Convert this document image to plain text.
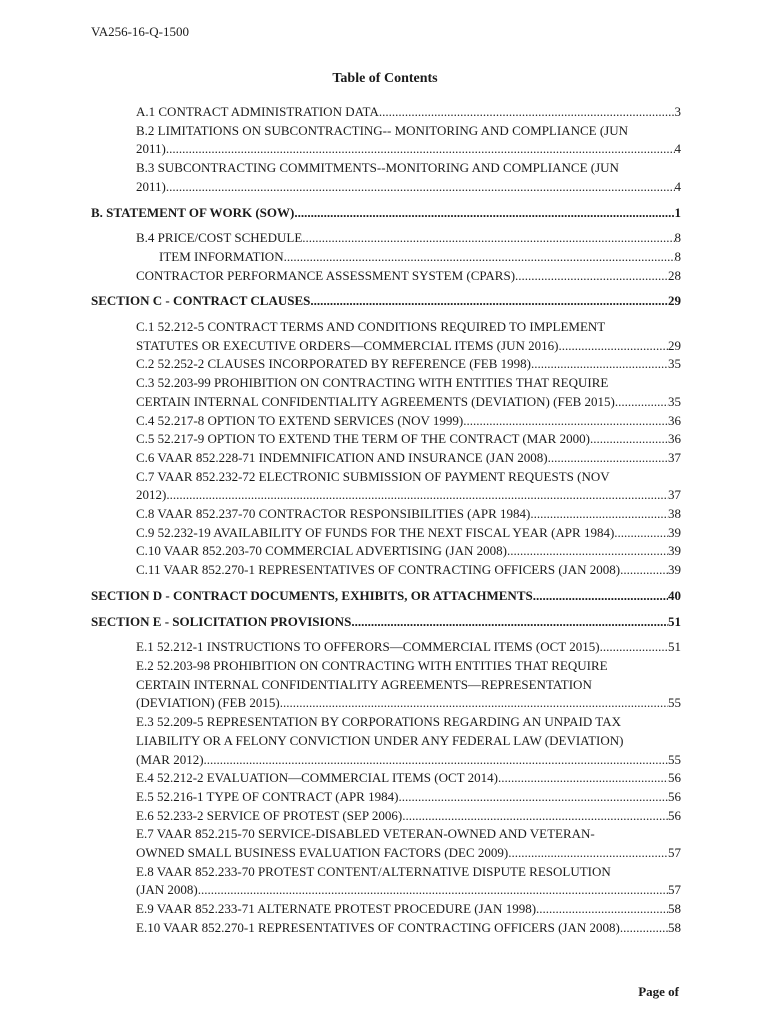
VA256-16-Q-1500
Table of Contents
A.1 CONTRACT ADMINISTRATION DATA .....	3
B.2 LIMITATIONS ON SUBCONTRACTING-- MONITORING AND COMPLIANCE (JUN
2011) .....	4
B.3 SUBCONTRACTING COMMITMENTS--MONITORING AND COMPLIANCE (JUN
2011) .....	4
B. STATEMENT OF WORK (SOW) .....	1
B.4 PRICE/COST SCHEDULE .....	8
ITEM INFORMATION .....	8
CONTRACTOR PERFORMANCE ASSESSMENT SYSTEM (CPARS) .....	28
SECTION C - CONTRACT CLAUSES .....	29
C.1 52.212-5 CONTRACT TERMS AND CONDITIONS REQUIRED TO IMPLEMENT
STATUTES OR EXECUTIVE ORDERS—COMMERCIAL ITEMS (JUN 2016) .....	29
C.2 52.252-2 CLAUSES INCORPORATED BY REFERENCE (FEB 1998) .....	35
C.3 52.203-99 PROHIBITION ON CONTRACTING WITH ENTITIES THAT REQUIRE
CERTAIN INTERNAL CONFIDENTIALITY AGREEMENTS (DEVIATION) (FEB 2015) .....	35
C.4 52.217-8 OPTION TO EXTEND SERVICES (NOV 1999) .....	36
C.5 52.217-9 OPTION TO EXTEND THE TERM OF THE CONTRACT (MAR 2000) .....	36
C.6 VAAR 852.228-71 INDEMNIFICATION AND INSURANCE (JAN 2008) .....	37
C.7 VAAR 852.232-72 ELECTRONIC SUBMISSION OF PAYMENT REQUESTS (NOV
2012) .....	37
C.8 VAAR 852.237-70 CONTRACTOR RESPONSIBILITIES (APR 1984) .....	38
C.9 52.232-19 AVAILABILITY OF FUNDS FOR THE NEXT FISCAL YEAR (APR 1984) .....	39
C.10 VAAR 852.203-70 COMMERCIAL ADVERTISING (JAN 2008) .....	39
C.11 VAAR 852.270-1 REPRESENTATIVES OF CONTRACTING OFFICERS (JAN 2008) .....	39
SECTION D - CONTRACT DOCUMENTS, EXHIBITS, OR ATTACHMENTS .....	40
SECTION E - SOLICITATION PROVISIONS .....	51
E.1 52.212-1 INSTRUCTIONS TO OFFERORS—COMMERCIAL ITEMS (OCT 2015) .....	51
E.2 52.203-98 PROHIBITION ON CONTRACTING WITH ENTITIES THAT REQUIRE
CERTAIN INTERNAL CONFIDENTIALITY AGREEMENTS—REPRESENTATION
(DEVIATION) (FEB 2015) .....	55
E.3 52.209-5 REPRESENTATION BY CORPORATIONS REGARDING AN UNPAID TAX
LIABILITY OR A FELONY CONVICTION UNDER ANY FEDERAL LAW (DEVIATION)
(MAR 2012) .....	55
E.4 52.212-2 EVALUATION—COMMERCIAL ITEMS (OCT 2014) .....	56
E.5 52.216-1 TYPE OF CONTRACT (APR 1984) .....	56
E.6 52.233-2 SERVICE OF PROTEST (SEP 2006) .....	56
E.7 VAAR 852.215-70 SERVICE-DISABLED VETERAN-OWNED AND VETERAN-
OWNED SMALL BUSINESS EVALUATION FACTORS (DEC 2009) .....	57
E.8 VAAR 852.233-70 PROTEST CONTENT/ALTERNATIVE DISPUTE RESOLUTION
(JAN 2008) .....	57
E.9 VAAR 852.233-71 ALTERNATE PROTEST PROCEDURE (JAN 1998) .....	58
E.10 VAAR 852.270-1 REPRESENTATIVES OF CONTRACTING OFFICERS (JAN 2008) .....	58
Page of
